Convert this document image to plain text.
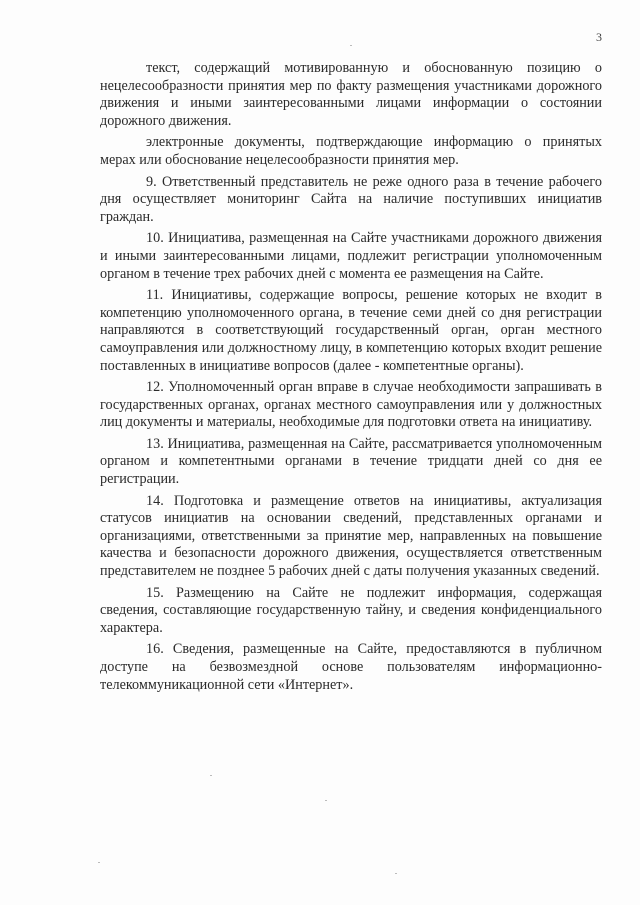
3

текст, содержащий мотивированную и обоснованную позицию о нецелесообразности принятия мер по факту размещения участниками дорожного движения и иными заинтересованными лицами информации о состоянии дорожного движения.

электронные документы, подтверждающие информацию о принятых мерах или обоснование нецелесообразности принятия мер.

9. Ответственный представитель не реже одного раза в течение рабочего дня осуществляет мониторинг Сайта на наличие поступивших инициатив граждан.

10. Инициатива, размещенная на Сайте участниками дорожного движения и иными заинтересованными лицами, подлежит регистрации уполномоченным органом в течение трех рабочих дней с момента ее размещения на Сайте.

11. Инициативы, содержащие вопросы, решение которых не входит в компетенцию уполномоченного органа, в течение семи дней со дня регистрации направляются в соответствующий государственный орган, орган местного самоуправления или должностному лицу, в компетенцию которых входит решение поставленных в инициативе вопросов (далее - компетентные органы).

12. Уполномоченный орган вправе в случае необходимости запрашивать в государственных органах, органах местного самоуправления или у должностных лиц документы и материалы, необходимые для подготовки ответа на инициативу.

13. Инициатива, размещенная на Сайте, рассматривается уполномоченным органом и компетентными органами в течение тридцати дней со дня ее регистрации.

14. Подготовка и размещение ответов на инициативы, актуализация статусов инициатив на основании сведений, представленных органами и организациями, ответственными за принятие мер, направленных на повышение качества и безопасности дорожного движения, осуществляется ответственным представителем не позднее 5 рабочих дней с даты получения указанных сведений.

15. Размещению на Сайте не подлежит информация, содержащая сведения, составляющие государственную тайну, и сведения конфиденциального характера.

16. Сведения, размещенные на Сайте, предоставляются в публичном доступе на безвозмездной основе пользователям информационно-телекоммуникационной сети «Интернет».
